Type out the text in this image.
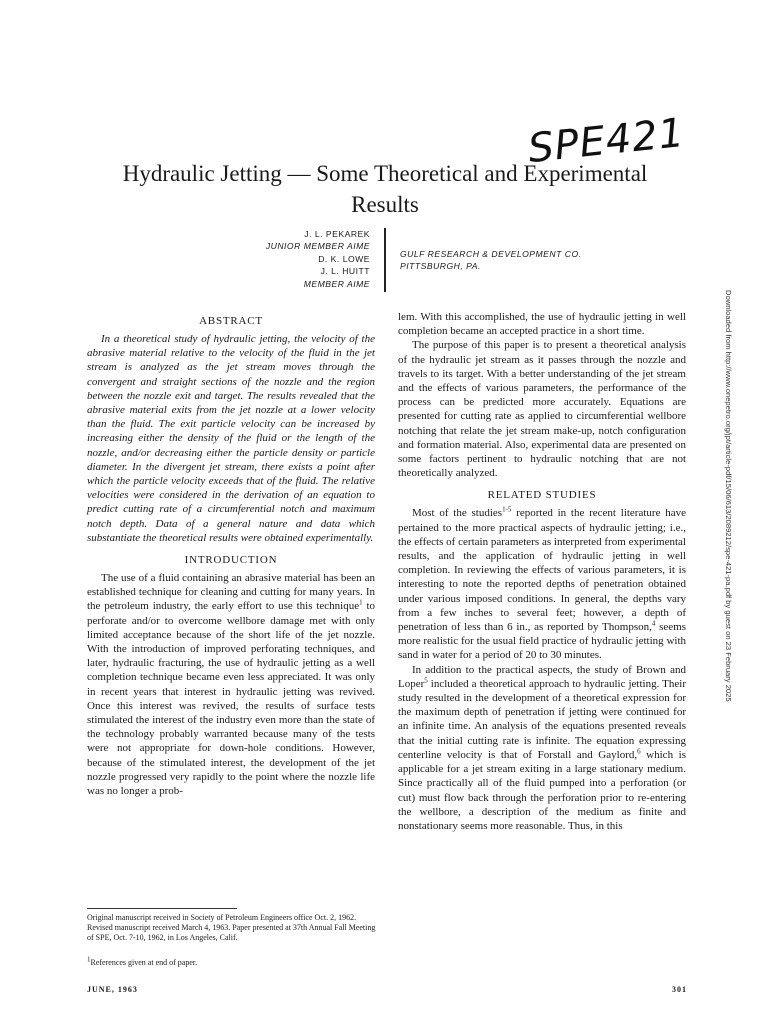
SPE421
Hydraulic Jetting — Some Theoretical and Experimental Results
J. L. PEKAREK
JUNIOR MEMBER AIME
D. K. LOWE
J. L. HUITT
MEMBER AIME
GULF RESEARCH & DEVELOPMENT CO.
PITTSBURGH, PA.
ABSTRACT

In a theoretical study of hydraulic jetting, the velocity of the abrasive material relative to the velocity of the fluid in the jet stream is analyzed as the jet stream moves through the convergent and straight sections of the nozzle and the region between the nozzle exit and target. The results revealed that the abrasive material exits from the jet nozzle at a lower velocity than the fluid. The exit particle velocity can be increased by increasing either the density of the fluid or the length of the nozzle, and/or decreasing either the particle density or particle diameter. In the divergent jet stream, there exists a point after which the particle velocity exceeds that of the fluid. The relative velocities were considered in the derivation of an equation to predict cutting rate of a circumferential notch and maximum notch depth. Data of a general nature and data which substantiate the theoretical results were obtained experimentally.

INTRODUCTION

The use of a fluid containing an abrasive material has been an established technique for cleaning and cutting for many years. In the petroleum industry, the early effort to use this technique$^1$ to perforate and/or to overcome wellbore damage met with only limited acceptance because of the short life of the jet nozzle. With the introduction of improved perforating techniques, and later, hydraulic fracturing, the use of hydraulic jetting as a well completion technique became even less appreciated. It was only in recent years that interest in hydraulic jetting was revived. Once this interest was revived, the results of surface tests stimulated the interest of the industry even more than the state of the technology probably warranted because many of the tests were not appropriate for down-hole conditions. However, because of the stimulated interest, the development of the jet nozzle progressed very rapidly to the point where the nozzle life was no longer a prob-

lem. With this accomplished, the use of hydraulic jetting in well completion became an accepted practice in a short time.

The purpose of this paper is to present a theoretical analysis of the hydraulic jet stream as it passes through the nozzle and travels to its target. With a better understanding of the jet stream and the effects of various parameters, the performance of the process can be predicted more accurately. Equations are presented for cutting rate as applied to circumferential wellbore notching that relate the jet stream make-up, notch configuration and formation material. Also, experimental data are presented on some factors pertinent to hydraulic notching that are not theoretically analyzed.

RELATED STUDIES

Most of the studies$^{1-5}$ reported in the recent literature have pertained to the more practical aspects of hydraulic jetting; i.e., the effects of certain parameters as interpreted from experimental results, and the application of hydraulic jetting in well completion. In reviewing the effects of various parameters, it is interesting to note the reported depths of penetration obtained under various imposed conditions. In general, the depths vary from a few inches to several feet; however, a depth of penetration of less than 6 in., as reported by Thompson,$^4$ seems more realistic for the usual field practice of hydraulic jetting with sand in water for a period of 20 to 30 minutes.

In addition to the practical aspects, the study of Brown and Loper$^5$ included a theoretical approach to hydraulic jetting. Their study resulted in the development of a theoretical expression for the maximum depth of penetration if jetting were continued for an infinite time. An analysis of the equations presented reveals that the initial cutting rate is infinite. The equation expressing centerline velocity is that of Forstall and Gaylord,$^6$ which is applicable for a jet stream exiting in a large stationary medium. Since practically all of the fluid pumped into a perforation (or cut) must flow back through the perforation prior to re-entering the wellbore, a description of the medium as finite and nonstationary seems more reasonable. Thus, in this

Original manuscript received in Society of Petroleum Engineers office Oct. 2, 1962. Revised manuscript received March 4, 1963. Paper presented at 37th Annual Fall Meeting of SPE, Oct. 7-10, 1962, in Los Angeles, Calif.
$^1$References given at end of paper.
JUNE, 1963	301
Downloaded from http://www.onepetro.org/jpt/article-pdf/15/06/613/2089212/spe-421-pa.pdf by guest on 23 February 2025
